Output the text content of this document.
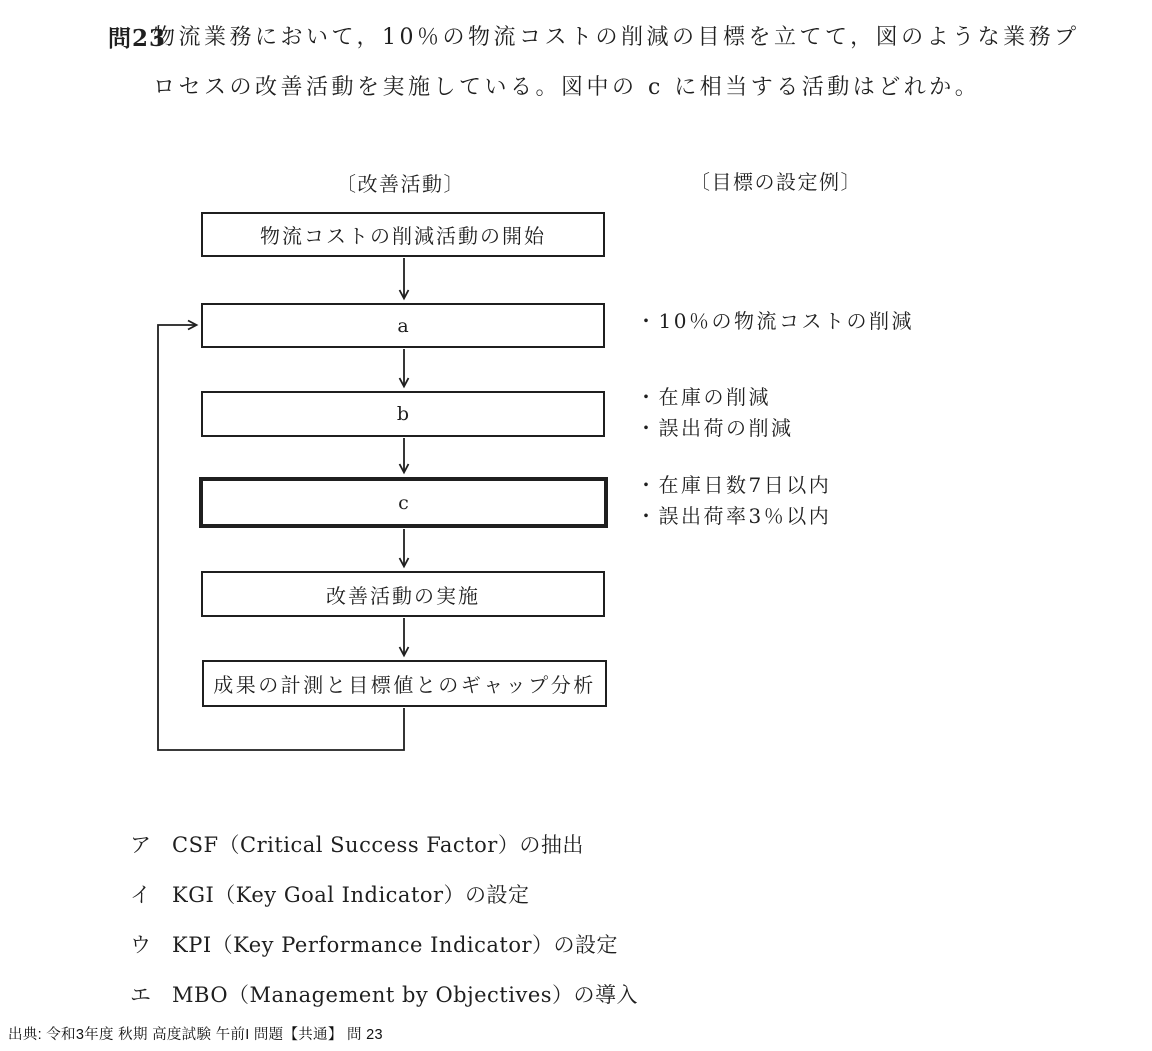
問23
物流業務において，10％の物流コストの削減の目標を立てて，図のような業務プ
ロセスの改善活動を実施している。図中の c に相当する活動はどれか。
〔改善活動〕	〔目標の設定例〕
物流コストの削減活動の開始
a
b
c
改善活動の実施
成果の計測と目標値とのギャップ分析
・10％の物流コストの削減
・在庫の削減
・誤出荷の削減
・在庫日数7日以内
・誤出荷率3％以内
ア CSF（Critical Success Factor）の抽出
イ KGI（Key Goal Indicator）の設定
ウ KPI（Key Performance Indicator）の設定
エ MBO（Management by Objectives）の導入
出典: 令和3年度 秋期 高度試験 午前I 問題【共通】 問 23
